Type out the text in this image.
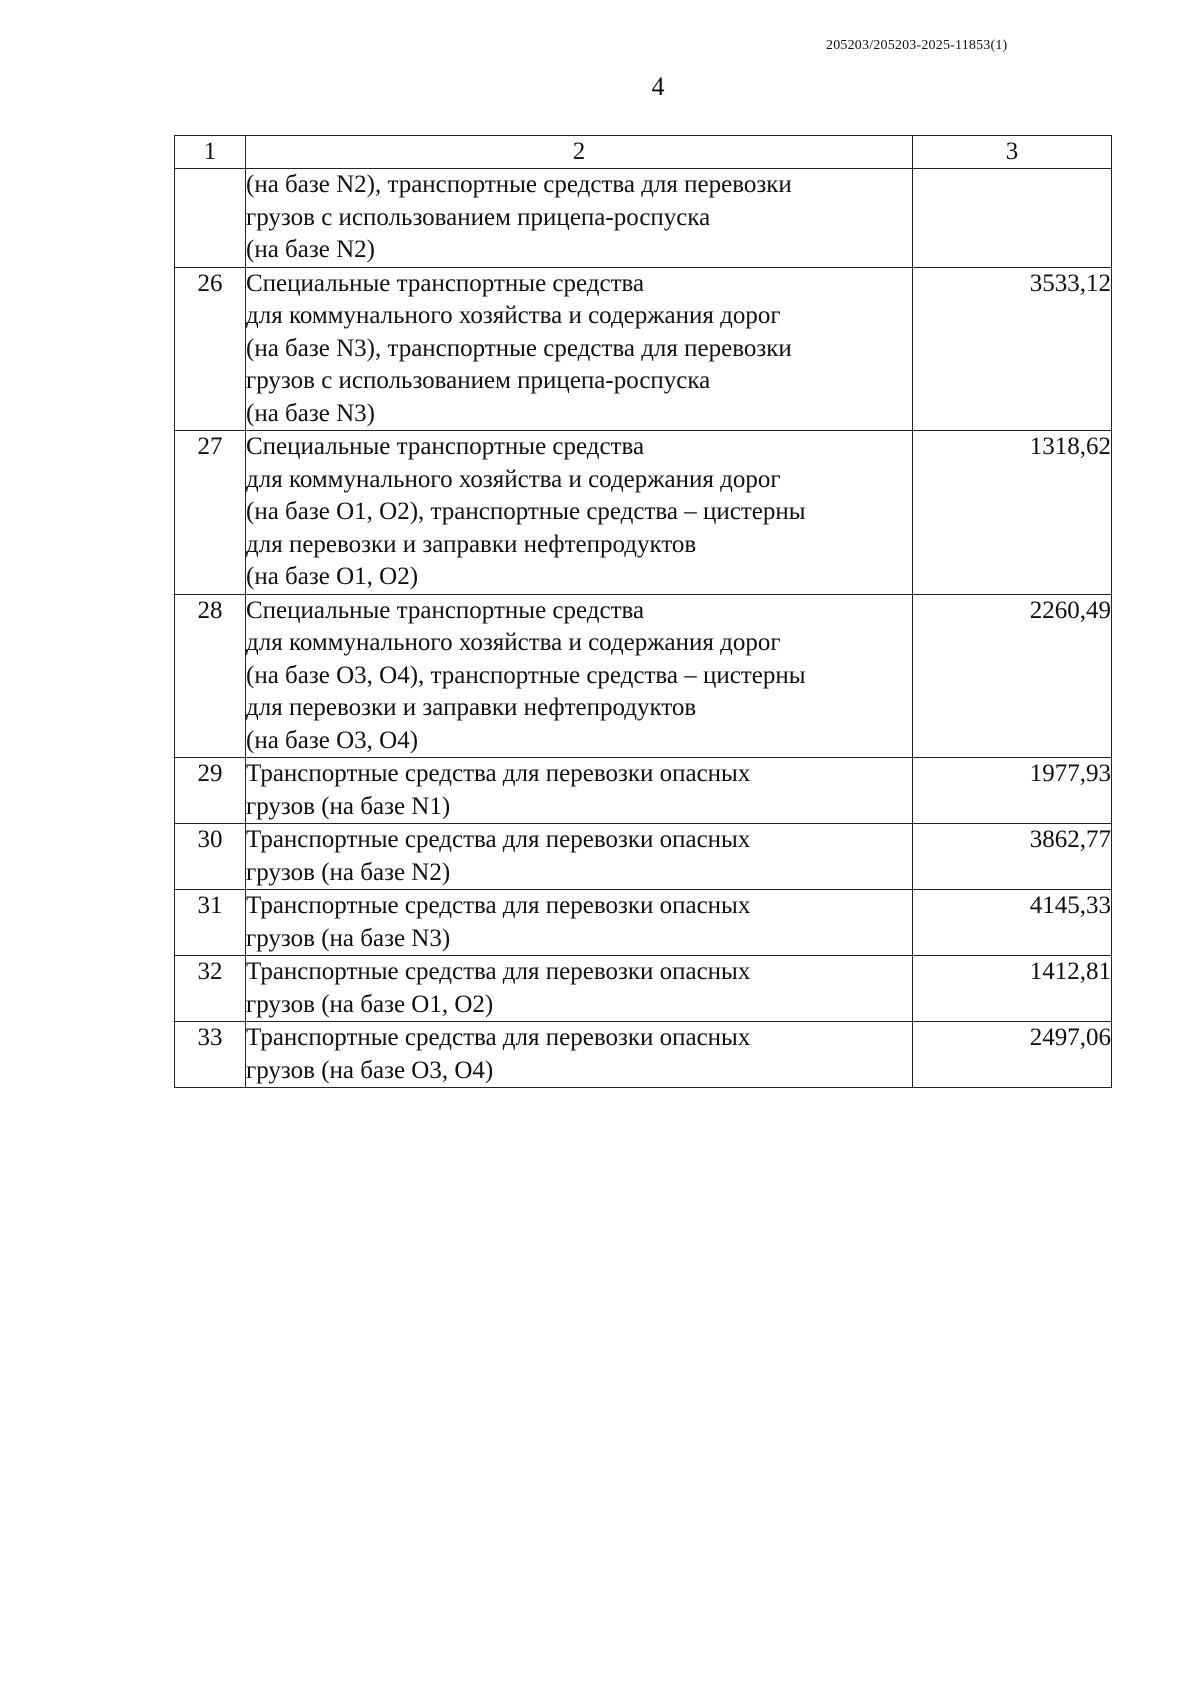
205203/205203-2025-11853(1)
4
1	2	3

	(на базе N2), транспортные средства для перевозки
грузов с использованием прицепа-роспуска
(на базе N2)	

26	Специальные транспортные средства
для коммунального хозяйства и содержания дорог
(на базе N3), транспортные средства для перевозки
грузов с использованием прицепа-роспуска
(на базе N3)	3533,12
27	Специальные транспортные средства
для коммунального хозяйства и содержания дорог
(на базе O1, O2), транспортные средства – цистерны
для перевозки и заправки нефтепродуктов
(на базе O1, O2)	1318,62
28	Специальные транспортные средства
для коммунального хозяйства и содержания дорог
(на базе O3, O4), транспортные средства – цистерны
для перевозки и заправки нефтепродуктов
(на базе O3, O4)	2260,49
29	Транспортные средства для перевозки опасных
грузов (на базе N1)	1977,93
30	Транспортные средства для перевозки опасных
грузов (на базе N2)	3862,77
31	Транспортные средства для перевозки опасных
грузов (на базе N3)	4145,33
32	Транспортные средства для перевозки опасных
грузов (на базе O1, O2)	1412,81
33	Транспортные средства для перевозки опасных
грузов (на базе O3, O4)	2497,06
